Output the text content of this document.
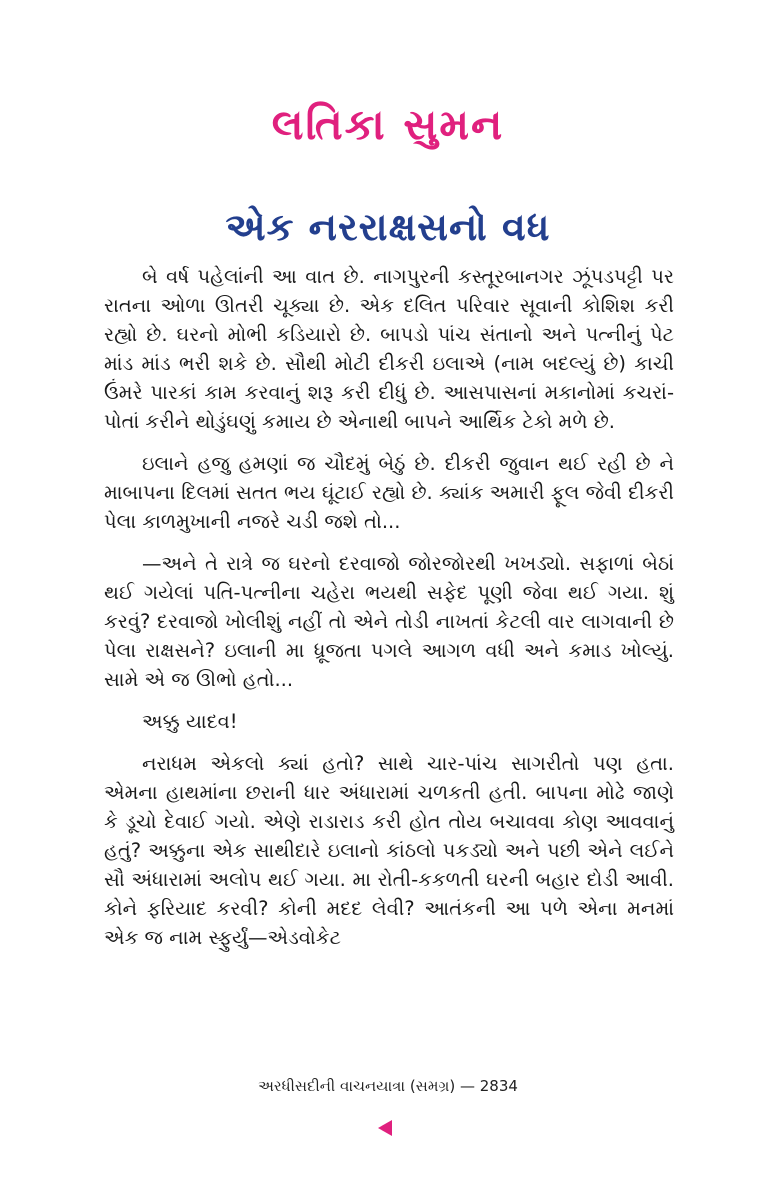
લતિકા સુમન
એક નરરાક્ષસનો વધ

બે વર્ષ પહેલાંની આ વાત છે. નાગપુરની કસ્તૂરબાનગર ઝૂંપડપટ્ટી પર રાતના ઓળા ઊતરી ચૂક્યા છે. એક દલિત પરિવાર સૂવાની કોશિશ કરી રહ્યો છે. ઘરનો મોભી કડિયારો છે. બાપડો પાંચ સંતાનો અને પત્નીનું પેટ માંડ માંડ ભરી શકે છે. સૌથી મોટી દીકરી ઇલાએ (નામ બદલ્યું છે) કાચી ઉંમરે પારકાં કામ કરવાનું શરૂ કરી દીધું છે. આસપાસનાં મકાનોમાં કચરાં-પોતાં કરીને થોડુંઘણું કમાય છે એનાથી બાપને આર્થિક ટેકો મળે છે.

ઇલાને હજુ હમણાં જ ચૌદમું બેઠું છે. દીકરી જુવાન થઈ રહી છે ને માબાપના દિલમાં સતત ભય ઘૂંટાઈ રહ્યો છે. ક્યાંક અમારી ફૂલ જેવી દીકરી પેલા કાળમુખાની નજરે ચડી જશે તો...

—અને તે રાત્રે જ ઘરનો દરવાજો જોરજોરથી ખખડ્યો. સફાળાં બેઠાં થઈ ગયેલાં પતિ-પત્નીના ચહેરા ભયથી સફેદ પૂણી જેવા થઈ ગયા. શું કરવું? દરવાજો ખોલીશું નહીં તો એને તોડી નાખતાં કેટલી વાર લાગવાની છે પેલા રાક્ષસને? ઇલાની મા ધ્રૂજતા પગલે આગળ વધી અને કમાડ ખોલ્યું. સામે એ જ ઊભો હતો...

અક્કુ યાદવ!

નરાધમ એકલો ક્યાં હતો? સાથે ચાર-પાંચ સાગરીતો પણ હતા. એમના હાથમાંના છરાની ધાર અંધારામાં ચળકતી હતી. બાપના મોઢે જાણે કે ડૂચો દેવાઈ ગયો. એણે રાડારાડ કરી હોત તોય બચાવવા કોણ આવવાનું હતું? અક્કુના એક સાથીદારે ઇલાનો કાંઠલો પકડ્યો અને પછી એને લઈને સૌ અંધારામાં અલોપ થઈ ગયા. મા રોતી-કકળતી ઘરની બહાર દોડી આવી. કોને ફરિયાદ કરવી? કોની મદદ લેવી? આતંકની આ પળે એના મનમાં એક જ નામ સ્ફુર્યું—એડવોકેટ

અરધીસદીની વાચનયાત્રા (સમગ્ર) — 2834
